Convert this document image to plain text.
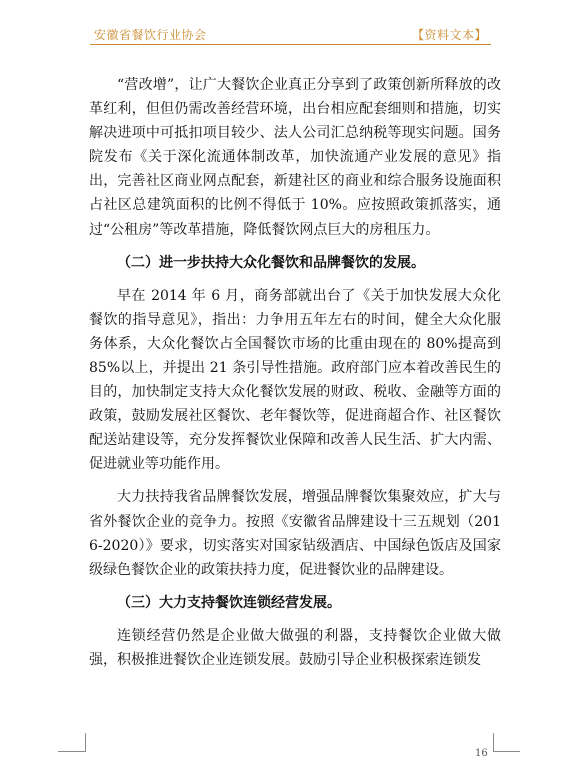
安徽省餐饮行业协会	【资料文本】

“营改增”，让广大餐饮企业真正分享到了政策创新所释放的改革红利，但但仍需改善经营环境，出台相应配套细则和措施，切实解决进项中可抵扣项目较少、法人公司汇总纳税等现实问题。国务院发布《关于深化流通体制改革，加快流通产业发展的意见》指出，完善社区商业网点配套，新建社区的商业和综合服务设施面积占社区总建筑面积的比例不得低于 10%。应按照政策抓落实，通过“公租房”等改革措施，降低餐饮网点巨大的房租压力。

（二）进一步扶持大众化餐饮和品牌餐饮的发展。

早在 2014 年 6 月，商务部就出台了《关于加快发展大众化餐饮的指导意见》，指出：力争用五年左右的时间，健全大众化服务体系，大众化餐饮占全国餐饮市场的比重由现在的 80%提高到 85%以上，并提出 21 条引导性措施。政府部门应本着改善民生的目的，加快制定支持大众化餐饮发展的财政、税收、金融等方面的政策，鼓励发展社区餐饮、老年餐饮等，促进商超合作、社区餐饮配送站建设等，充分发挥餐饮业保障和改善人民生活、扩大内需、促进就业等功能作用。

大力扶持我省品牌餐饮发展，增强品牌餐饮集聚效应，扩大与省外餐饮企业的竞争力。按照《安徽省品牌建设十三五规划（2016-2020）》要求，切实落实对国家钻级酒店、中国绿色饭店及国家级绿色餐饮企业的政策扶持力度，促进餐饮业的品牌建设。

（三）大力支持餐饮连锁经营发展。

连锁经营仍然是企业做大做强的利器，支持餐饮企业做大做强，积极推进餐饮企业连锁发展。鼓励引导企业积极探索连锁发

16
